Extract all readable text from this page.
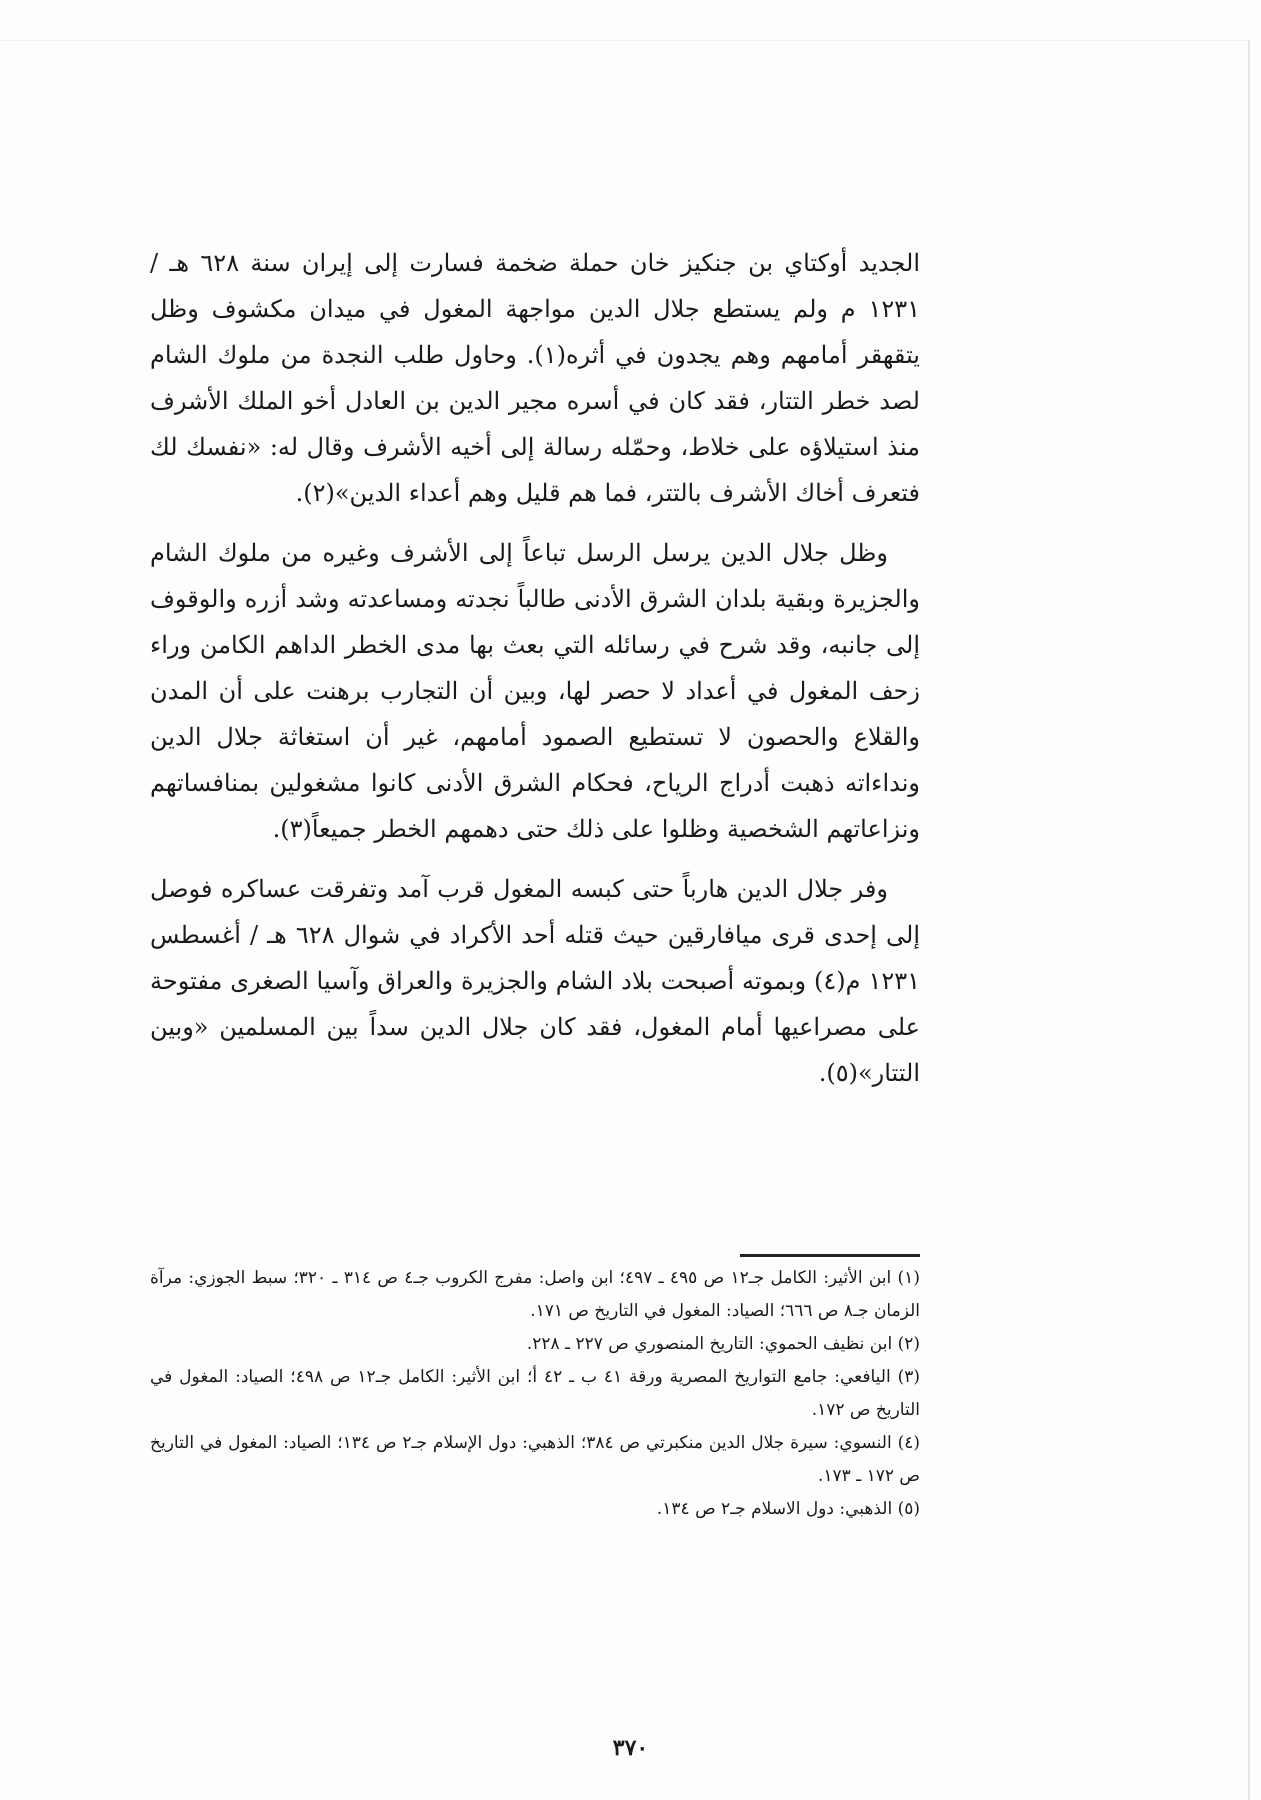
الجديد أوكتاي بن جنكيز خان حملة ضخمة فسارت إلى إيران سنة ٦٢٨ هـ / ١٢٣١ م ولم يستطع جلال الدين مواجهة المغول في ميدان مكشوف وظل يتقهقر أمامهم وهم يجدون في أثره(١). وحاول طلب النجدة من ملوك الشام لصد خطر التتار، فقد كان في أسره مجير الدين بن العادل أخو الملك الأشرف منذ استيلاؤه على خلاط، وحمّله رسالة إلى أخيه الأشرف وقال له: «نفسك لك فتعرف أخاك الأشرف بالتتر، فما هم قليل وهم أعداء الدين»(٢).

وظل جلال الدين يرسل الرسل تباعاً إلى الأشرف وغيره من ملوك الشام والجزيرة وبقية بلدان الشرق الأدنى طالباً نجدته ومساعدته وشد أزره والوقوف إلى جانبه، وقد شرح في رسائله التي بعث بها مدى الخطر الداهم الكامن وراء زحف المغول في أعداد لا حصر لها، وبين أن التجارب برهنت على أن المدن والقلاع والحصون لا تستطيع الصمود أمامهم، غير أن استغاثة جلال الدين ونداءاته ذهبت أدراج الرياح، فحكام الشرق الأدنى كانوا مشغولين بمنافساتهم ونزاعاتهم الشخصية وظلوا على ذلك حتى دهمهم الخطر جميعاً(٣).

وفر جلال الدين هارباً حتى كبسه المغول قرب آمد وتفرقت عساكره فوصل إلى إحدى قرى ميافارقين حيث قتله أحد الأكراد في شوال ٦٢٨ هـ / أغسطس ١٢٣١ م(٤) وبموته أصبحت بلاد الشام والجزيرة والعراق وآسيا الصغرى مفتوحة على مصراعيها أمام المغول، فقد كان جلال الدين سداً بين المسلمين «وبين التتار»(٥).

(١) ابن الأثير: الكامل جـ١٢ ص ٤٩٥ ـ ٤٩٧؛ ابن واصل: مفرج الكروب جـ٤ ص ٣١٤ ـ ٣٢٠؛ سبط الجوزي: مرآة الزمان جـ٨ ص ٦٦٦؛ الصياد: المغول في التاريخ ص ١٧١.

(٢) ابن نظيف الحموي: التاريخ المنصوري ص ٢٢٧ ـ ٢٢٨.

(٣) اليافعي: جامع التواريخ المصرية ورقة ٤١ ب ـ ٤٢ أ؛ ابن الأثير: الكامل جـ١٢ ص ٤٩٨؛ الصياد: المغول في التاريخ ص ١٧٢.

(٤) النسوي: سيرة جلال الدين منكبرتي ص ٣٨٤؛ الذهبي: دول الإسلام جـ٢ ص ١٣٤؛ الصياد: المغول في التاريخ ص ١٧٢ ـ ١٧٣.

(٥) الذهبي: دول الاسلام جـ٢ ص ١٣٤.

٣٧٠
